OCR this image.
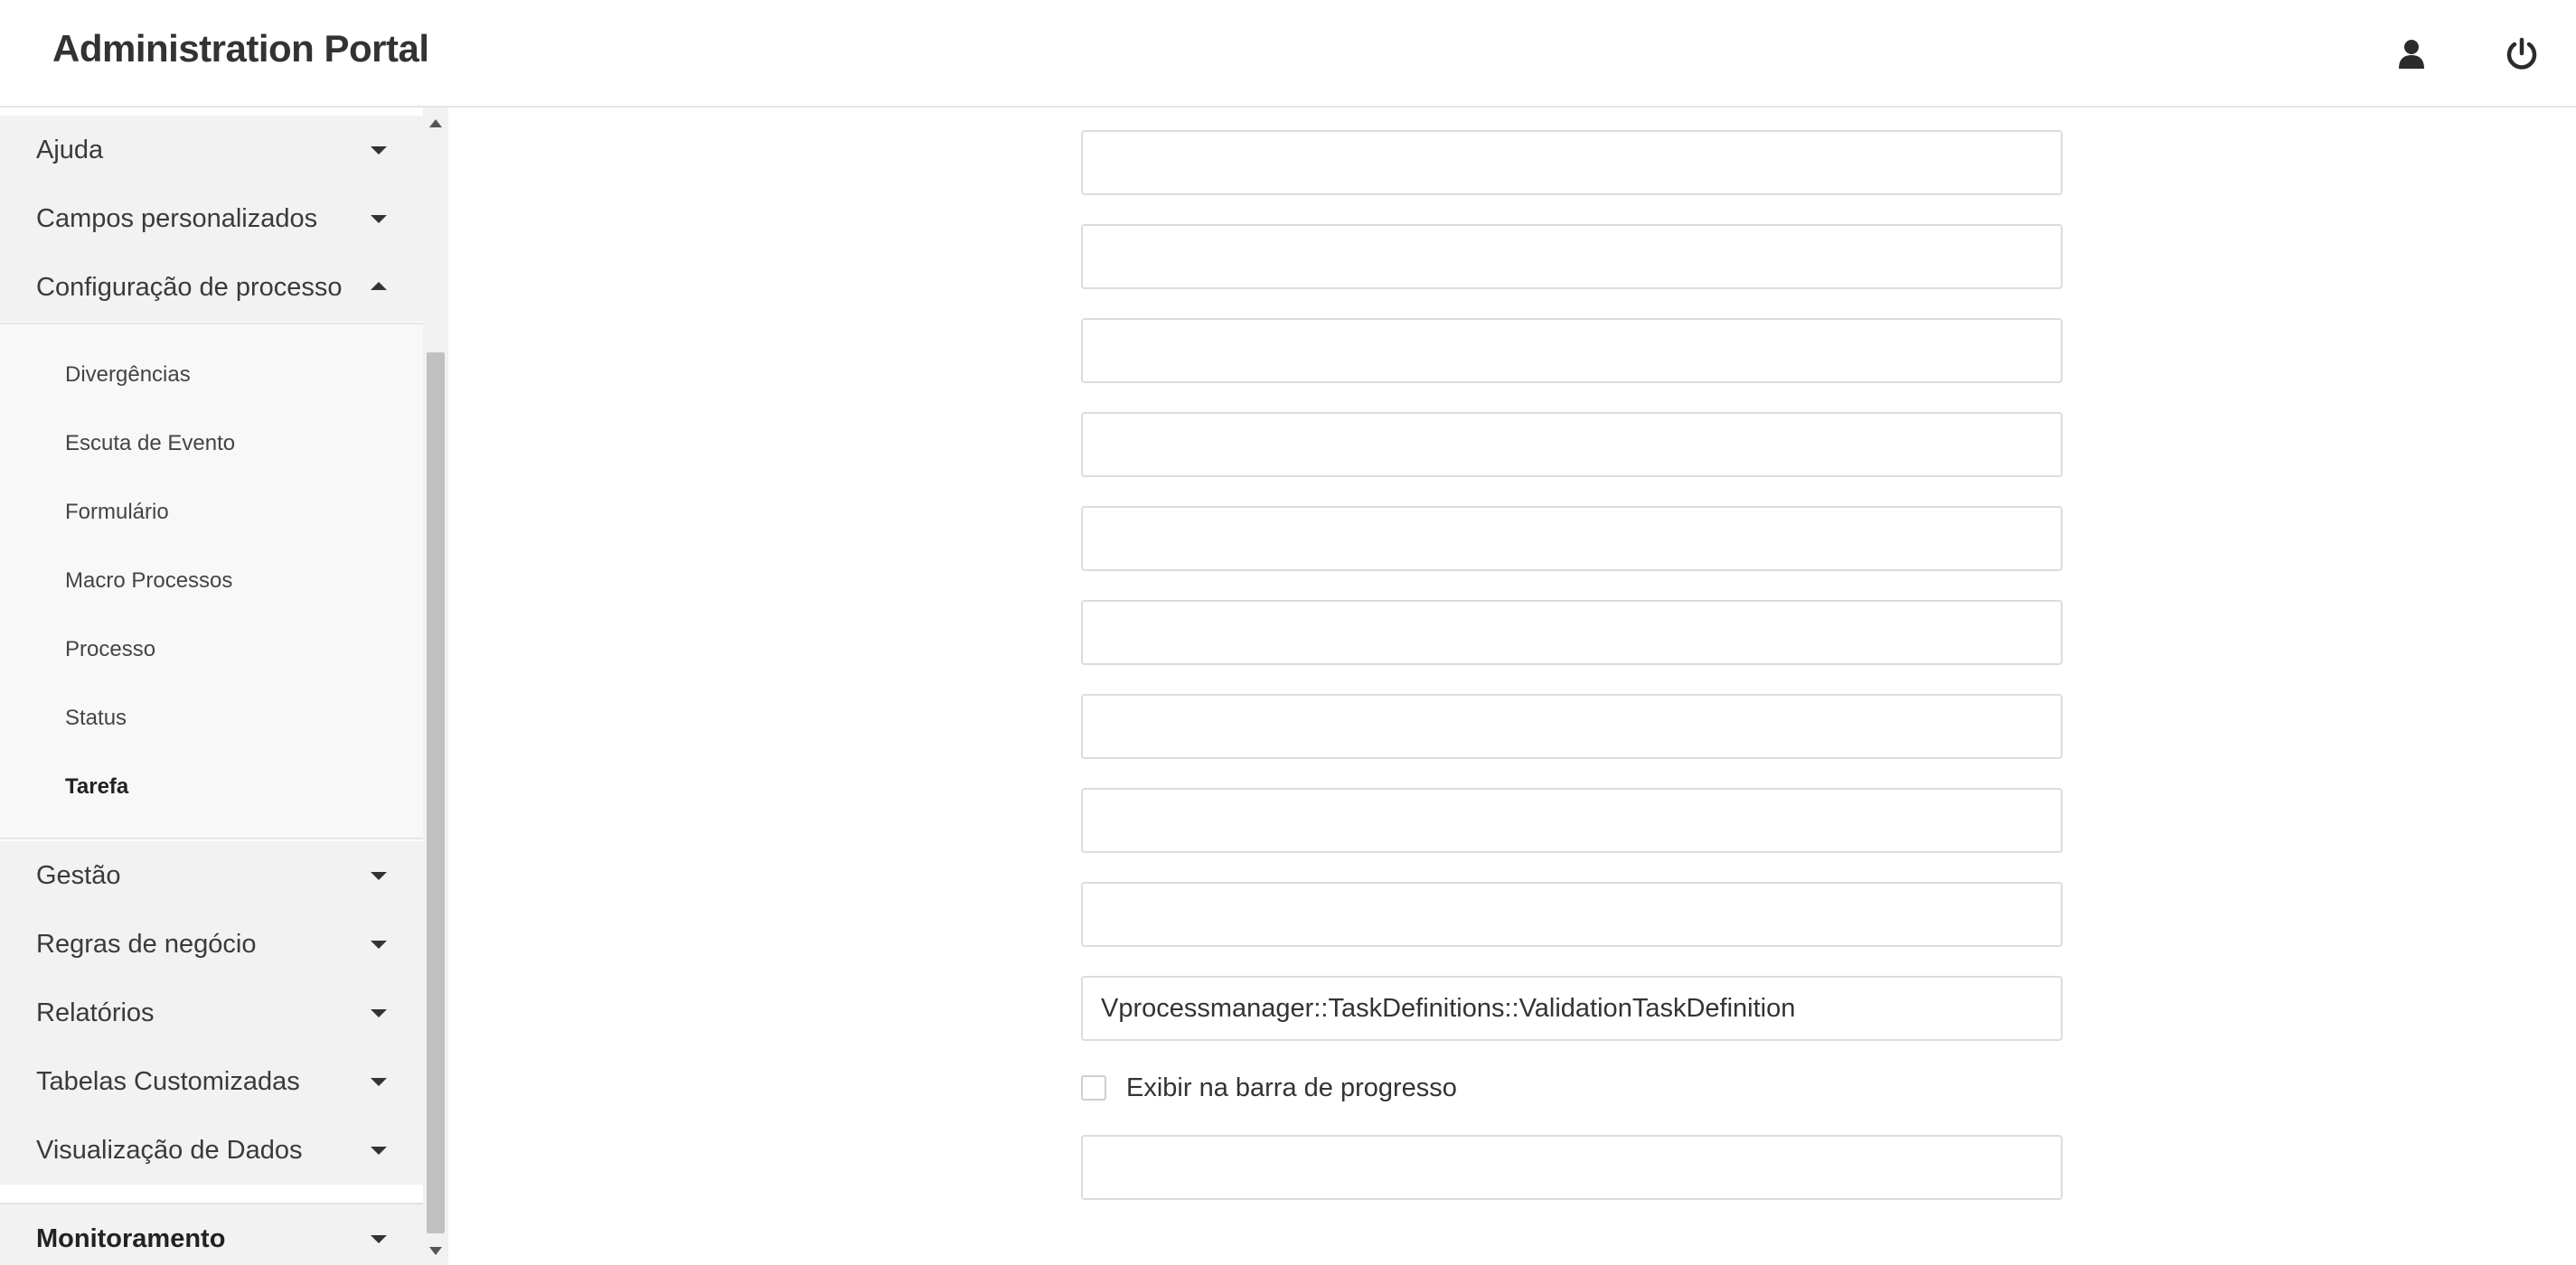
Administration Portal
Ajuda
Campos personalizados
Configuração de processo
Divergências
Escuta de Evento
Formulário
Macro Processos
Processo
Status
Tarefa
Gestão
Regras de negócio
Relatórios
Tabelas Customizadas
Visualização de Dados
Monitoramento
Vprocessmanager::TaskDefinitions::ValidationTaskDefinition
Exibir na barra de progresso
